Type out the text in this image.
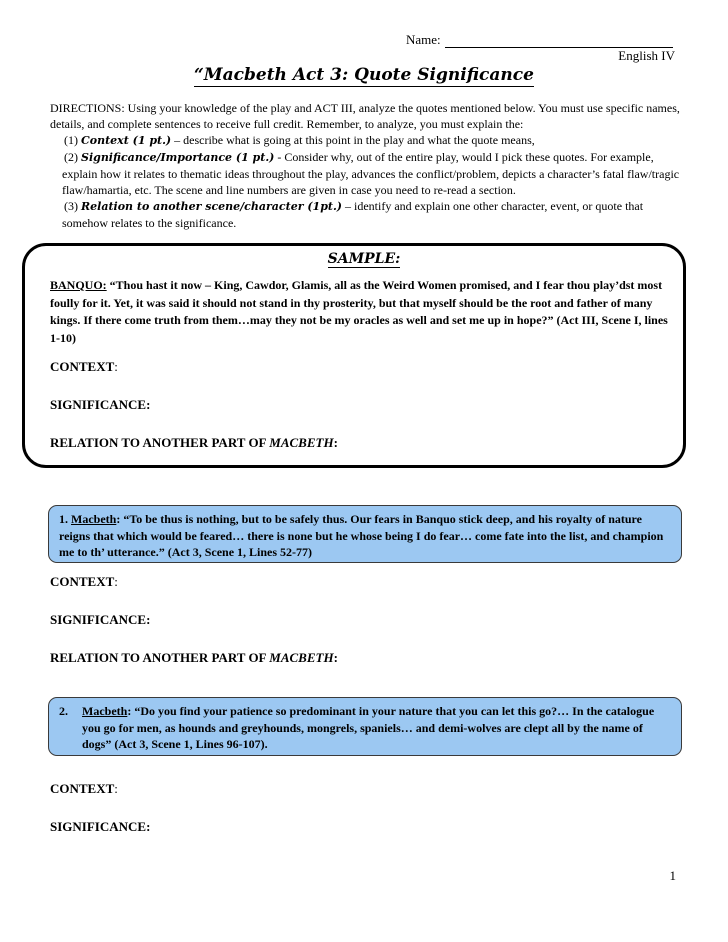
Name:
English IV
“Macbeth Act 3: Quote Significance
DIRECTIONS: Using your knowledge of the play and ACT III, analyze the quotes mentioned below. You must use specific names, details, and complete sentences to receive full credit. Remember, to analyze, you must explain the:
(1) Context (1 pt.) – describe what is going at this point in the play and what the quote means,
(2) Significance/Importance (1 pt.) - Consider why, out of the entire play, would I pick these quotes. For example,
explain how it relates to thematic ideas throughout the play, advances the conflict/problem, depicts a character’s fatal flaw/tragic flaw/hamartia, etc. The scene and line numbers are given in case you need to re-read a section.
(3) Relation to another scene/character (1pt.) – identify and explain one other character, event, or quote that
somehow relates to the significance.
SAMPLE:
BANQUO: “Thou hast it now – King, Cawdor, Glamis, all as the Weird Women promised, and I fear thou play’dst most foully for it. Yet, it was said it should not stand in thy prosterity, but that myself should be the root and father of many kings. If there come truth from them…may they not be my oracles as well and set me up in hope?” (Act III, Scene I, lines 1-10)
CONTEXT:
SIGNIFICANCE:
RELATION TO ANOTHER PART OF MACBETH:
1. Macbeth: “To be thus is nothing, but to be safely thus. Our fears in Banquo stick deep, and his royalty of nature reigns that which would be feared… there is none but he whose being I do fear… come fate into the list, and champion me to th’ utterance.” (Act 3, Scene 1, Lines 52-77)
CONTEXT:
SIGNIFICANCE:
RELATION TO ANOTHER PART OF MACBETH:
2. Macbeth: “Do you find your patience so predominant in your nature that you can let this go?… In the catalogue you go for men, as hounds and greyhounds, mongrels, spaniels… and demi-wolves are clept all by the name of dogs” (Act 3, Scene 1, Lines 96-107).
CONTEXT:
SIGNIFICANCE:
1
